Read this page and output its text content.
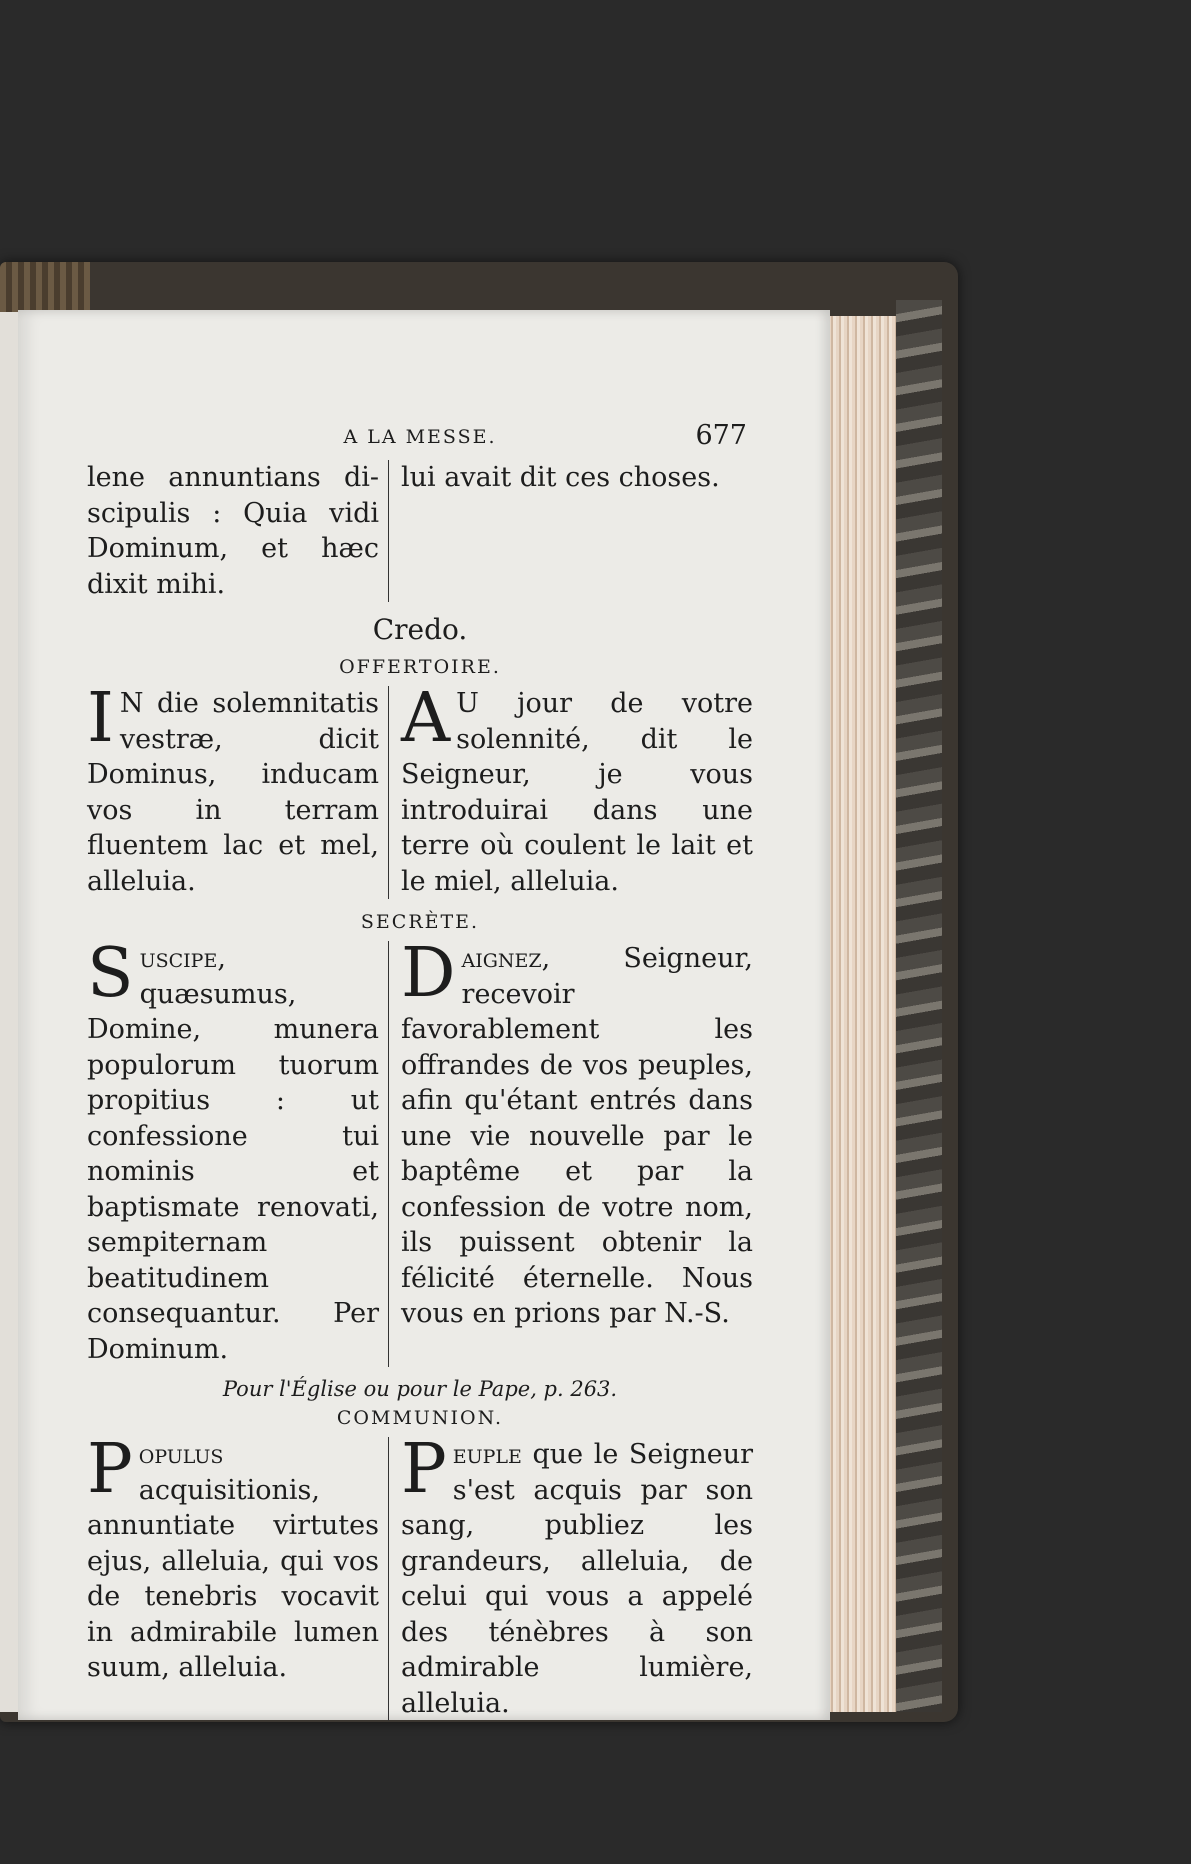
A LA MESSE.	677
lene annuntians di-scipulis : Quia vidi Dominum, et hæc dixit mihi.
lui avait dit ces choses.
Credo.
OFFERTOIRE.
I N die solemnitatis vestræ, dicit Dominus, inducam vos in terram fluentem lac et mel, alleluia.
A U jour de votre solennité, dit le Seigneur, je vous introduirai dans une terre où coulent le lait et le miel, alleluia.
SECRÈTE.
Suscipe, quæsumus, Domine, munera populorum tuorum propitius : ut confessione tui nominis et baptismate renovati, sempiternam beatitudinem consequantur. Per Dominum.
Daignez, Seigneur, recevoir favorablement les offrandes de vos peuples, afin qu'étant entrés dans une vie nouvelle par le baptême et par la confession de votre nom, ils puissent obtenir la félicité éternelle. Nous vous en prions par N.-S.
Pour l'Église ou pour le Pape, p. 263.
COMMUNION.
Populus acquisitionis, annuntiate virtutes ejus, alleluia, qui vos de tenebris vocavit in admirabile lumen suum, alleluia.
Peuple que le Seigneur s'est acquis par son sang, publiez les grandeurs, alleluia, de celui qui vous a appelé des ténèbres à son admirable lumière, alleluia.
